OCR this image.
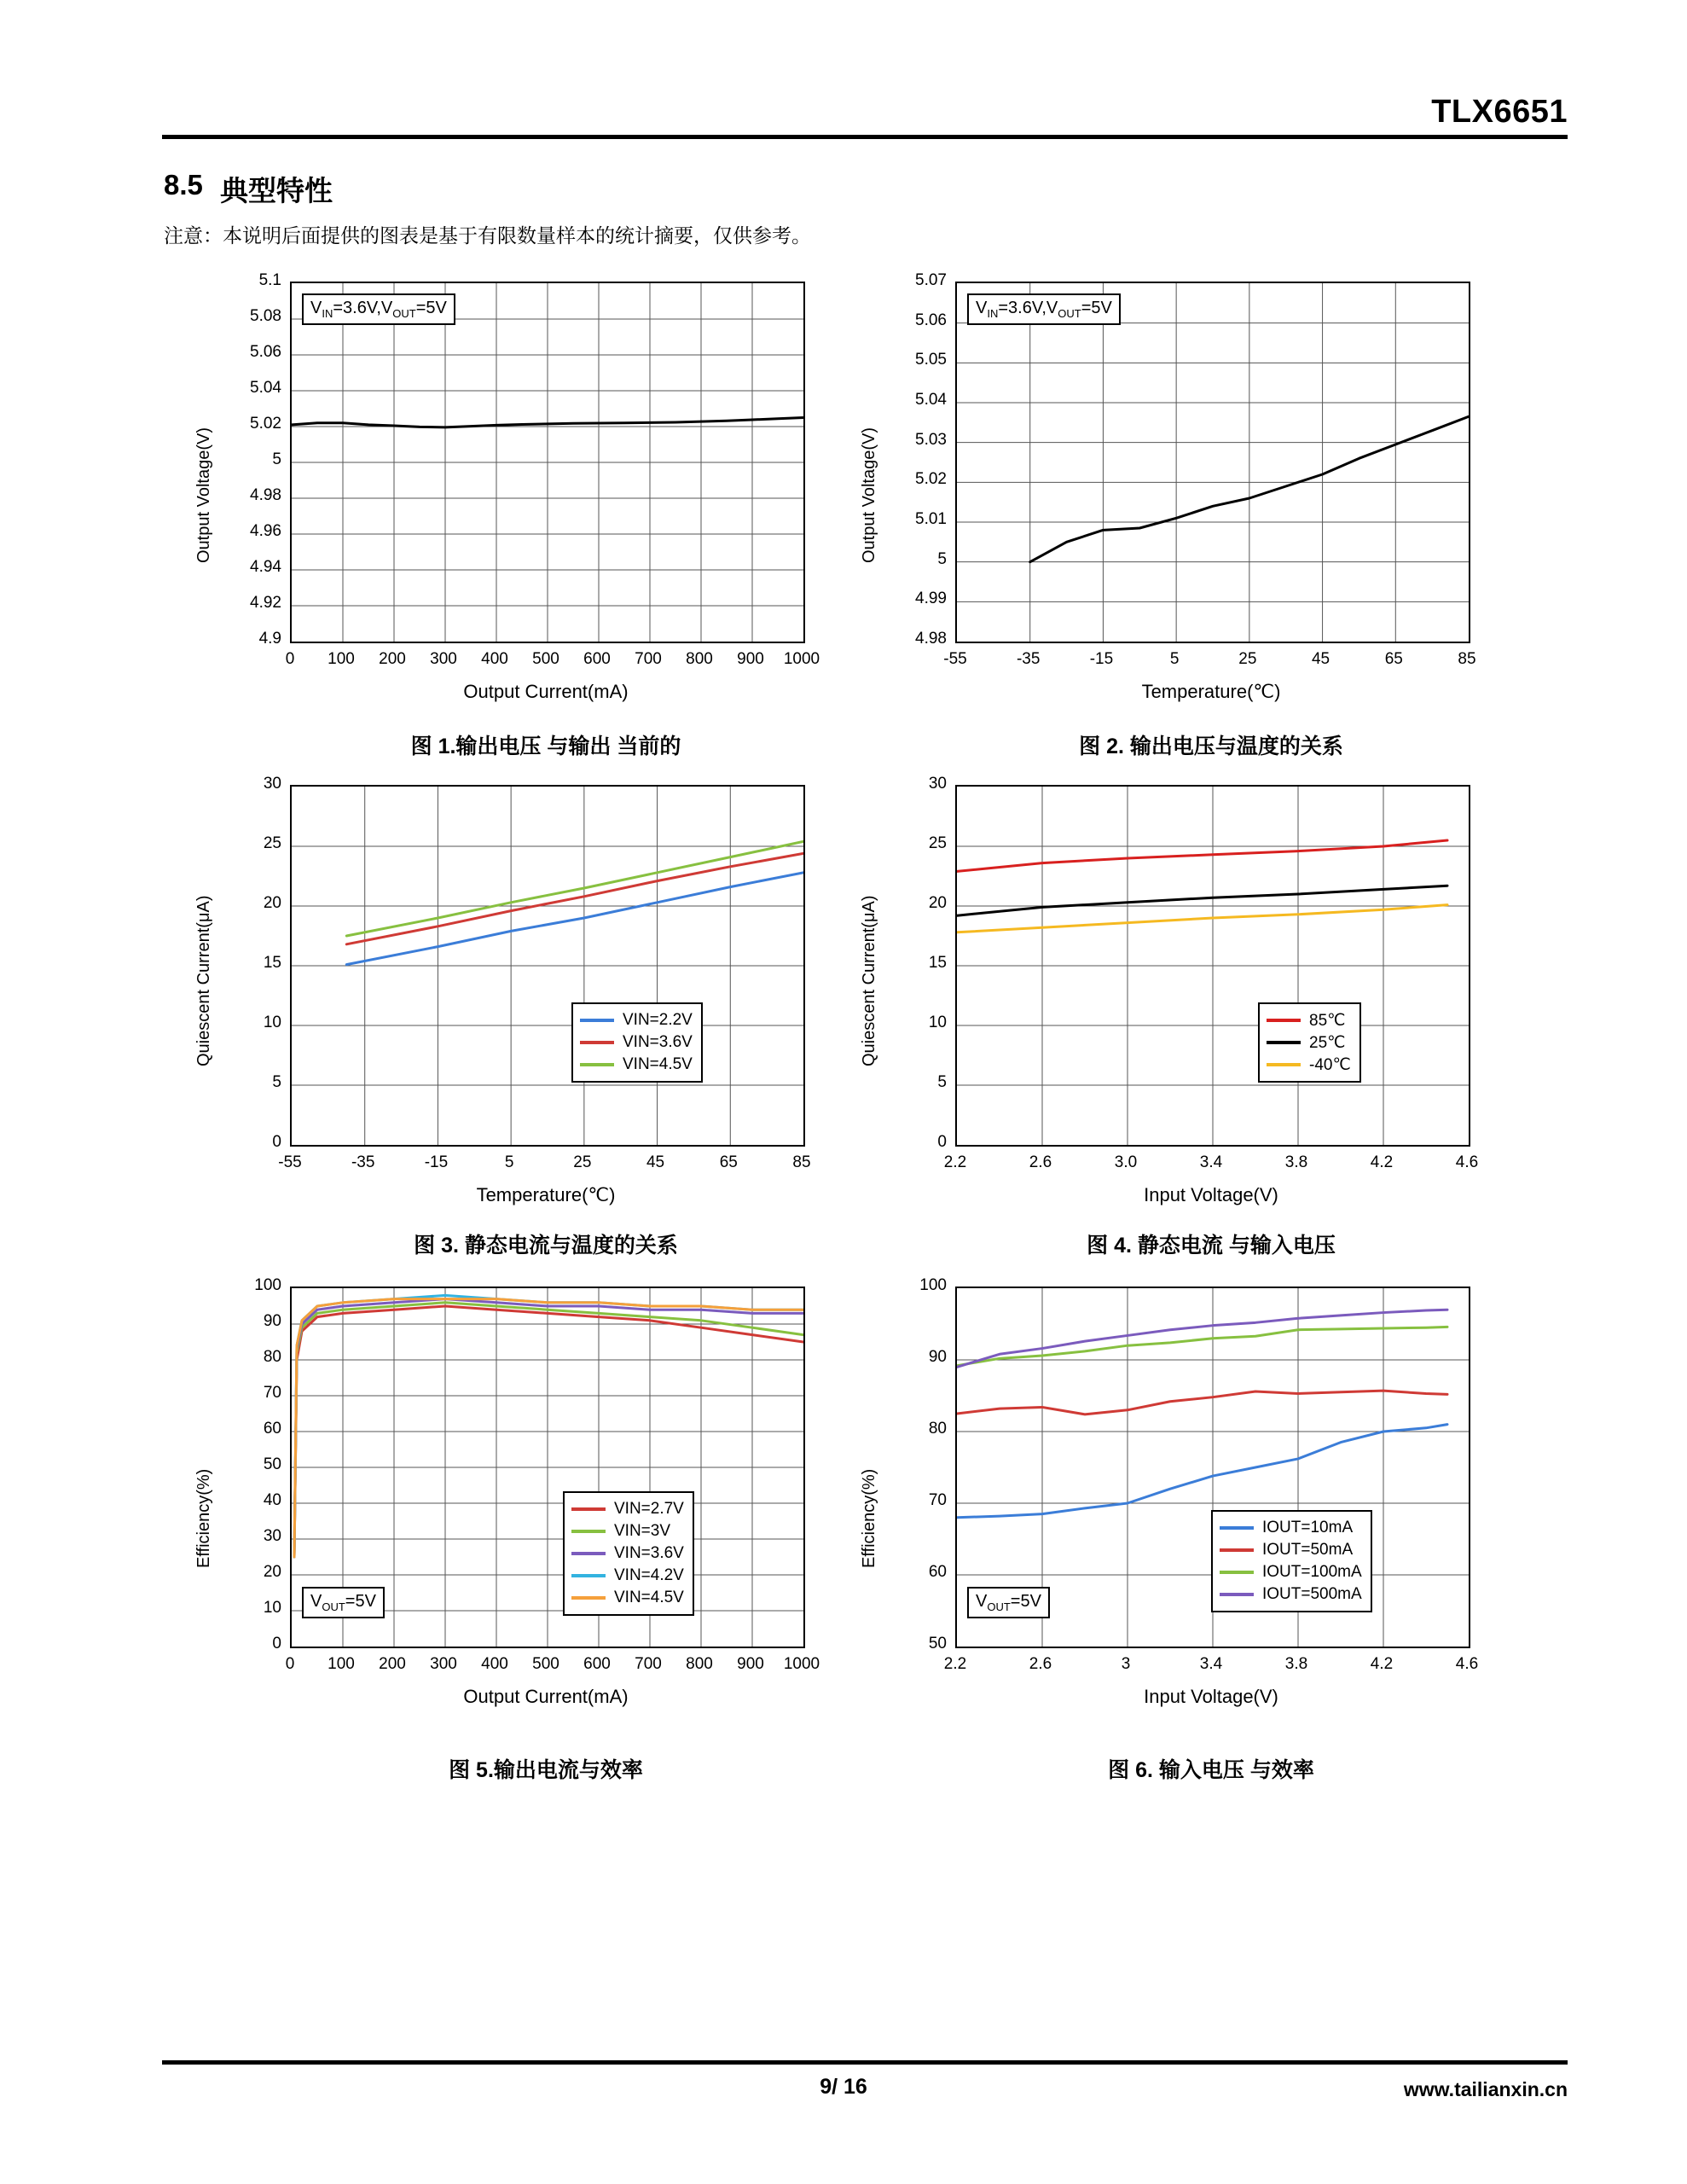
TLX6651
8.5 典型特性
注意：本说明后面提供的图表是基于有限数量样本的统计摘要，仅供参考。
4.9
4.92
4.94
4.96
4.98
5
5.02
5.04
5.06
5.08
5.1
0	100	200	300	400	500	600	700	800	900	1000
Output Current(mA)
Output Voltage(V)
$V_{IN}=3.6V,V_{OUT}=5V$
图 1.输出电压 与输出 当前的
4.98
4.99
5
5.01
5.02
5.03
5.04
5.05
5.06
5.07
-55	-35	-15	5	25	45	65	85
Temperature(℃)
Output Voltage(V)
$V_{IN}=3.6V,V_{OUT}=5V$
图 2. 输出电压与温度的关系
0
5
10
15
20
25
30
-55	-35	-15	5	25	45	65	85
Temperature(℃)
Quiescent Current(μA)	VIN=2.2V
VIN=3.6V
VIN=4.5V
图 3. 静态电流与温度的关系
0
5
10
15
20
25
30
2.2	2.6	3.0	3.4	3.8	4.2	4.6
Input Voltage(V)
Quiescent Current(μA)	85℃
25℃
-40℃
图 4. 静态电流 与输入电压
0
10
20
30
40
50
60
70
80
90
100
0	100	200	300	400	500	600	700	800	900	1000
Output Current(mA)
Efficiency(%)
$V_{OUT}=5V$
VIN=2.7V
VIN=3V
VIN=3.6V
VIN=4.2V
VIN=4.5V
图 5.输出电流与效率
50
60
70
80
90
100
2.2	2.6	3	3.4	3.8	4.2	4.6
Input Voltage(V)
Efficiency(%)
$V_{OUT}=5V$
IOUT=10mA
IOUT=50mA
IOUT=100mA
IOUT=500mA
图 6. 输入电压 与效率
9/ 16	www.tailianxin.cn
